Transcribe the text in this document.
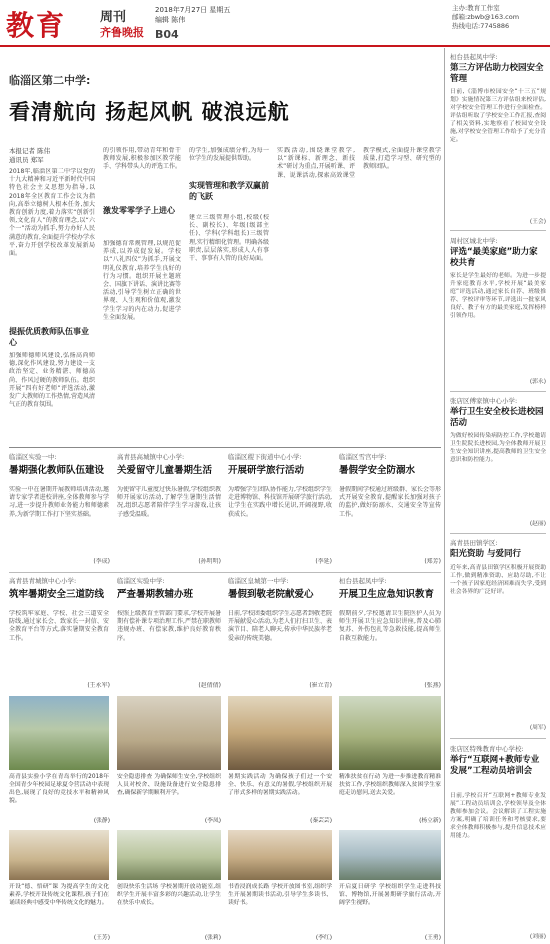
教育	周刊
齐鲁晚报
2018年7月27日 星期五
编辑 陈伟
B04
主办:教育工作室
邮箱:zbwb@163.com
热线电话:7745886
临淄区第二中学:
看清航向 扬起风帆 破浪远航
本报记者 陈伟
通讯员 郑军
2018年,临淄区第二中学以党的十九大精神和习近平新时代中国特色社会主义思想为指导,以2018年全区教育工作会议为指向,高举立德树人根本任务,加大教育创新力度,着力落实“创新引领,文化育人”的教育理念,以“六个一”活动为抓手,努力办好人民满意的教育,全面提升学校办学水平,奋力开创学校改革发展新局面。
提振优质教师队伍事业心
加强师德师风建设,弘扬高尚师德,深化作风建设,努力建设一支政治坚定、业务精湛、师德高尚、作风过硬的教师队伍。组织开展“四有好老师”评选活动,激发广大教师的工作热情,营造风清气正的教育氛围。
的引领作用,带动青年和骨干教师发展,积极参加区教学能手、学科带头人的评选工作。
激发零零学子上进心
加强德育常规管理,以规范促养成,以养成促发展。学校以“八礼四仪”为抓手,开展文明礼仪教育,培养学生良好的行为习惯。组织开展主题班会、国旗下讲话、演讲比赛等活动,引导学生树立正确的世界观、人生观和价值观,激发学生学习的内在动力,促进学生全面发展。
的学生,加强成绩分析,为每一位学生的发展提供帮助。
实现管理和教学双赢前的飞跃
建立三级管理小组,校级(校长、副校长)、年级(级部主任)、学科(学科组长)三级管理,实行精细化管理。明确各级职责,层层落实,形成人人有事干、事事有人管的良好局面。
实践活动,围绕课堂教学,以“新课标、新理念、新技术”研讨为重点,开展听课、评课、说课活动,探索高效课堂教学模式,全面提升课堂教学质量,打造学习型、研究型的教师团队。
临淄区实验一中:
暑期强化教师队伍建设
实验一中在暑期开展教师培训活动,邀请专家学者进校讲座,全体教师参与学习,进一步提升教师业务能力和师德素养,为新学期工作打下坚实基础。
(李成)
高青县高城镇中心小学:
关爱留守儿童暑期生活
为使留守儿童度过快乐暑假,学校组织教师开展家访活动,了解学生暑期生活情况,组织志愿者陪伴学生学习游戏,让孩子感受温暖。
(孙明明)
临淄区稷下街道中心小学:
开展研学旅行活动
为增强学生团队协作能力,学校组织学生走进博物馆、科技馆开展研学旅行活动,让学生在实践中增长见识,开阔视野,收获成长。
(李延)
临淄区雪宫中学:
暑假学安全防溺水
暑假期间学校通过班级群、家长会等形式开展安全教育,提醒家长加强对孩子的监护,做好防溺水、交通安全等宣传工作。
(郑芳)
高青县青城镇中心小学:
筑牢暑期安全三道防线
学校筑牢家庭、学校、社会三道安全防线,通过家长会、致家长一封信、安全教育平台等方式,落实暑期安全教育工作。
(王永军)
临淄区实验中学:
严查暑期教辅办班
按照上级教育主管部门要求,学校开展暑期有偿补课专项治理工作,严禁在职教师违规办班、有偿家教,维护良好教育秩序。
(赵倩倩)
临淄区皇城第一中学:
暑假到敬老院献爱心
日前,学校团委组织学生志愿者到敬老院开展献爱心活动,为老人们打扫卫生、表演节目、陪老人聊天,传承中华民族孝老爱亲的传统美德。
(崔立青)
桓台县起凤中学:
开展卫生应急知识教育
假期前夕,学校邀请卫生院医护人员为师生开展卫生应急知识讲座,普及心肺复苏、外伤包扎等急救技能,提高师生自救互救能力。
(张燕)
高青县实验小学在青岛举行的2018年全国青少年校园足球夏令营活动中表现出色,展现了良好的竞技水平和精神风貌。
(张静)
安全隐患排查 为确保师生安全,学校组织人员对校舍、设施设备进行安全隐患排查,确保新学期顺利开学。
(李凤)
暑期实践活动 为确保孩子们过一个安全、快乐、有意义的暑假,学校组织开展了形式多样的暑期实践活动。
(秦芸芸)
精准扶贫在行动 为进一步推进教育精准扶贫工作,学校组织教师深入贫困学生家庭走访慰问,送去关爱。
(杨立新)
开设“德、悟研”课 为提高学生的文化素养,学校开设传统文化课程,孩子们在诵读经典中感受中华传统文化的魅力。
(王芳)
创设快乐生活场 学校暑期开放功能室,组织学生开展丰富多彩的兴趣活动,让学生在快乐中成长。
(张莉)
书香浸润成长路 学校开放图书室,组织学生开展暑期读书活动,引导学生多读书、读好书。
(李红)
开启夏日研学 学校组织学生走进科技馆、博物馆,开展暑期研学旅行活动,开阔学生视野。
(王勇)
桓台县起凤中学:
第三方评估助力校园安全管理
日前,《淄博市校园安全“十三五”规划》实施情况第三方评估组来校评估,对学校安全管理工作进行全面检查。评估组听取了学校安全工作汇报,查阅了相关资料,实地察看了校园安全设施,对学校安全管理工作给予了充分肯定。
(王会)
周村区城北中学:
评选“最美家庭”助力家校共育
家长是学生最好的老师。为进一步提升家庭教育水平,学校开展“最美家庭”评选活动,通过家长自荐、班级推荐、学校评审等环节,评选出一批家风良好、教子有方的最美家庭,发挥榜样引领作用。
(郭永)
张店区傅家镇中心小学:
举行卫生安全校长进校园活动
为做好校园传染病防控工作,学校邀请卫生院院长进校园,为全体教师开展卫生安全知识讲座,提高教师的卫生安全意识和防控能力。
(赵丽)
高青县田镇学区:
阳光资助 与爱同行
近年来,高青县田镇学区积极开展资助工作,做到精准资助、应助尽助,不让一个孩子因家庭经济困难而失学,受到社会各界的广泛好评。
(周军)
张店区特殊教育中心学校:
举行“互联网+教师专业发展”工程动员培训会
日前,学校召开“互联网+教师专业发展”工程动员培训会,学校领导及全体教师参加会议。会议解读了工程实施方案,明确了培训任务和考核要求,要求全体教师积极参与,提升信息技术应用能力。
(刘丽)
